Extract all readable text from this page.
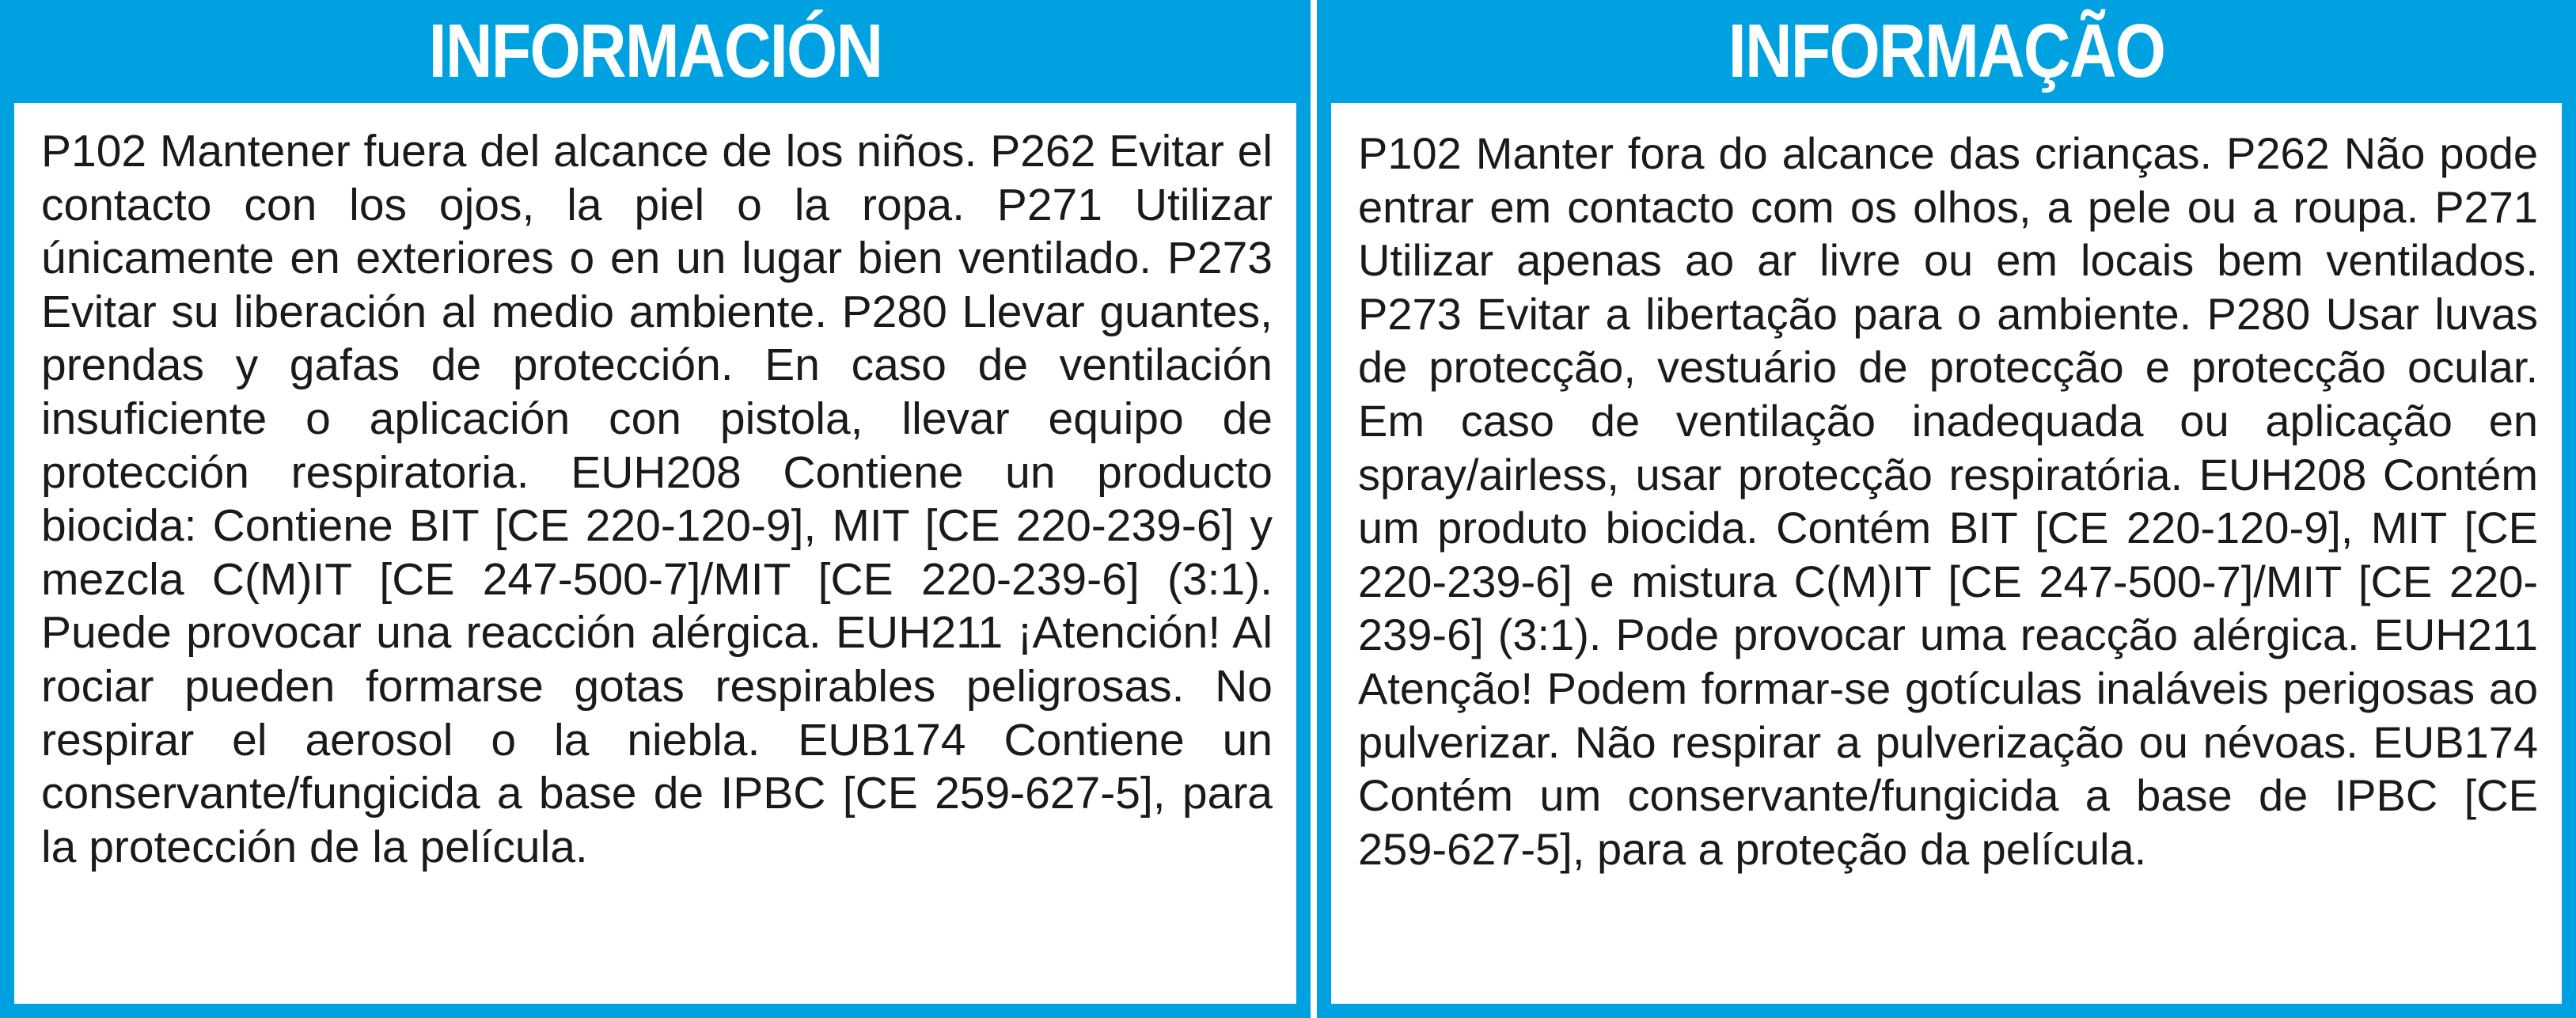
INFORMACIÓN
P102 Mantener fuera del alcance de los niños. P262 Evitar el contacto con los ojos, la piel o la ropa. P271 Utilizar únicamente en exteriores o en un lugar bien ventilado. P273 Evitar su liberación al medio ambiente. P280 Llevar guantes, prendas y gafas de protección. En caso de ventilación insuficiente o aplicación con pistola, llevar equipo de protección respiratoria. EUH208 Contiene un producto biocida: Contiene BIT [CE 220-120-9], MIT [CE 220-239-6] y mezcla C(M)IT [CE 247-500-7]/MIT [CE 220-239-6] (3:1). Puede provocar una reacción alérgica. EUH211 ¡Atención! Al rociar pueden formarse gotas respirables peligrosas. No respirar el aerosol o la niebla. EUB174 Contiene un conservante/fungicida a base de IPBC [CE 259-627-5], para la protección de la película.
INFORMAÇÃO
P102 Manter fora do alcance das crianças. P262 Não pode entrar em contacto com os olhos, a pele ou a roupa. P271 Utilizar apenas ao ar livre ou em locais bem ventilados. P273 Evitar a libertação para o ambiente. P280 Usar luvas de protecção, vestuário de protecção e protecção ocular. Em caso de ventilação inadequada ou aplicação en spray/airless, usar protecção respiratória. EUH208 Contém um produto biocida. Contém BIT [CE 220-120-9], MIT [CE 220-239-6] e mistura C(M)IT [CE 247-500-7]/MIT [CE 220-239-6] (3:1). Pode provocar uma reacção alérgica. EUH211 Atenção! Podem formar-se gotículas inaláveis perigosas ao pulverizar. Não respirar a pulverização ou névoas. EUB174 Contém um conservante/fungicida a base de IPBC [CE 259-627-5], para a proteção da película.
